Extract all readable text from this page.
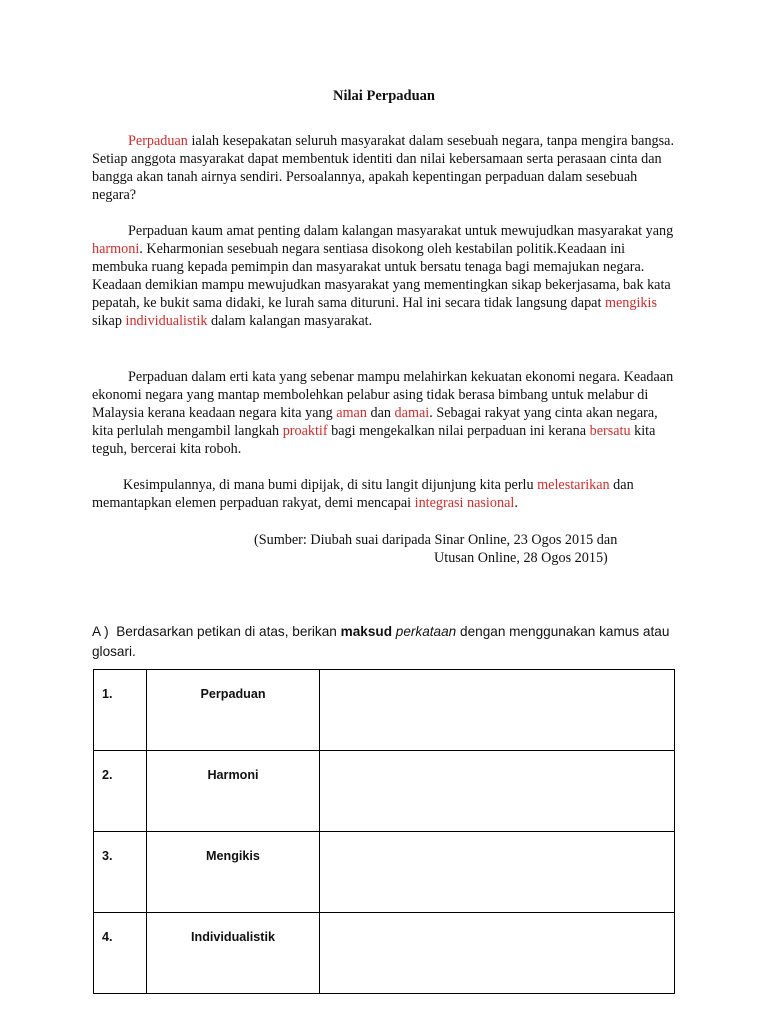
Nilai Perpaduan

Perpaduan ialah kesepakatan seluruh masyarakat dalam sesebuah negara, tanpa mengira bangsa. Setiap anggota masyarakat dapat membentuk identiti dan nilai kebersamaan serta perasaan cinta dan bangga akan tanah airnya sendiri. Persoalannya, apakah kepentingan perpaduan dalam sesebuah negara?

Perpaduan kaum amat penting dalam kalangan masyarakat untuk mewujudkan masyarakat yang harmoni. Keharmonian sesebuah negara sentiasa disokong oleh kestabilan politik.Keadaan ini membuka ruang kepada pemimpin dan masyarakat untuk bersatu tenaga bagi memajukan negara. Keadaan demikian mampu mewujudkan masyarakat yang mementingkan sikap bekerjasama, bak kata pepatah, ke bukit sama didaki, ke lurah sama dituruni. Hal ini secara tidak langsung dapat mengikis sikap individualistik dalam kalangan masyarakat.

Perpaduan dalam erti kata yang sebenar mampu melahirkan kekuatan ekonomi negara. Keadaan ekonomi negara yang mantap membolehkan pelabur asing tidak berasa bimbang untuk melabur di Malaysia kerana keadaan negara kita yang aman dan damai. Sebagai rakyat yang cinta akan negara, kita perlulah mengambil langkah proaktif bagi mengekalkan nilai perpaduan ini kerana bersatu kita teguh, bercerai kita roboh.

Kesimpulannya, di mana bumi dipijak, di situ langit dijunjung kita perlu melestarikan dan memantapkan elemen perpaduan rakyat, demi mencapai integrasi nasional.

(Sumber: Diubah suai daripada Sinar Online, 23 Ogos 2015 dan
Utusan Online, 28 Ogos 2015)
A ) Berdasarkan petikan di atas, berikan maksud perkataan dengan menggunakan kamus atau glosari.
1.	Perpaduan	
2.	Harmoni	
3.	Mengikis	
4.	Individualistik	
